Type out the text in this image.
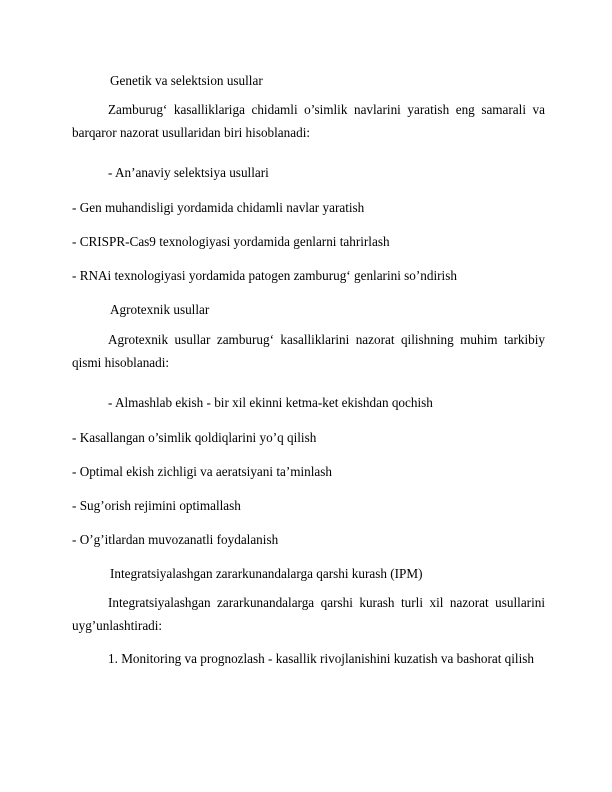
Genetik va selektsion usullar

Zamburug‘ kasalliklariga chidamli o’simlik navlarini yaratish eng samarali va barqaror nazorat usullaridan biri hisoblanadi:

- An’anaviy selektsiya usullari

- Gen muhandisligi yordamida chidamli navlar yaratish

- CRISPR-Cas9 texnologiyasi yordamida genlarni tahrirlash

- RNAi texnologiyasi yordamida patogen zamburug‘ genlarini so’ndirish

Agrotexnik usullar

Agrotexnik usullar zamburug‘ kasalliklarini nazorat qilishning muhim tarkibiy qismi hisoblanadi:

- Almashlab ekish - bir xil ekinni ketma-ket ekishdan qochish

- Kasallangan o’simlik qoldiqlarini yo’q qilish

- Optimal ekish zichligi va aeratsiyani ta’minlash

- Sug’orish rejimini optimallash

- O’g’itlardan muvozanatli foydalanish

Integratsiyalashgan zararkunandalarga qarshi kurash (IPM)

Integratsiyalashgan zararkunandalarga qarshi kurash turli xil nazorat usullarini uyg’unlashtiradi:

1. Monitoring va prognozlash - kasallik rivojlanishini kuzatish va bashorat qilish
